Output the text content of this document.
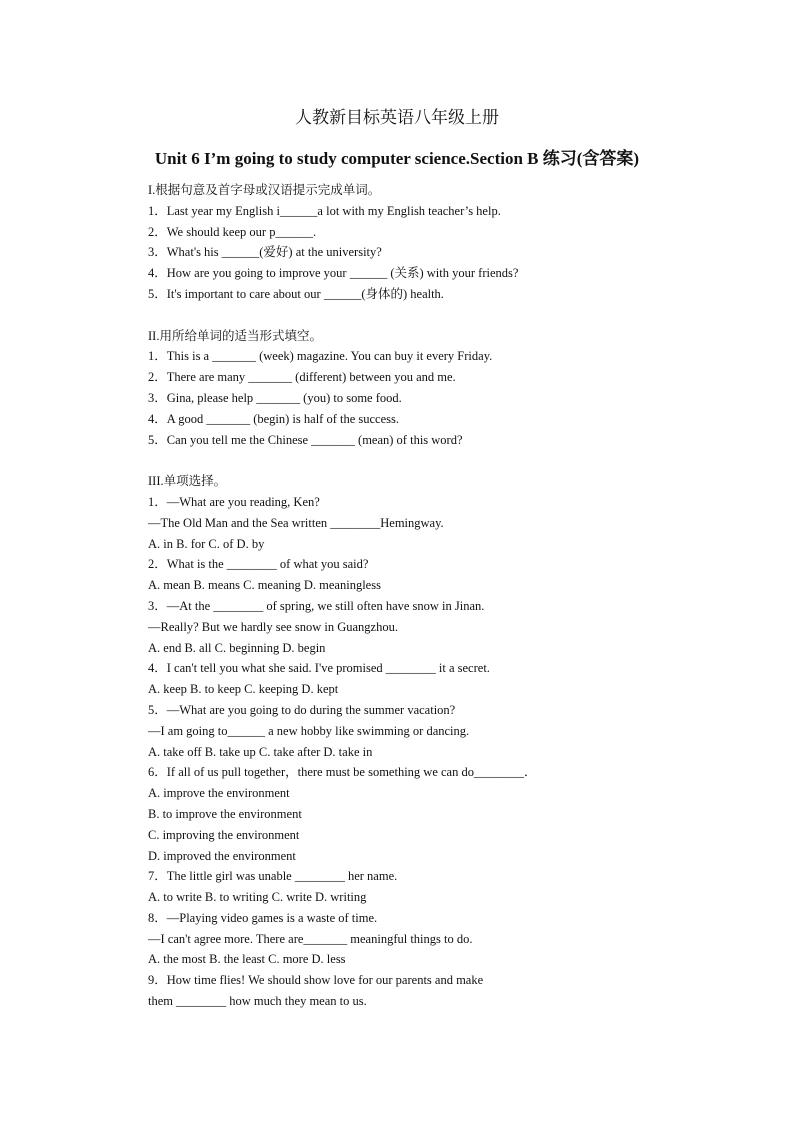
人教新目标英语八年级上册
Unit 6 I’m going to study computer science.Section B 练习(含答案)
I.根据句意及首字母或汉语提示完成单词。
1．Last year my English i______a lot with my English teacher’s help.
2．We should keep our p______.
3．What's his ______(爱好) at the university?
4．How are you going to improve your ______ (关系) with your friends?
5．It's important to care about our ______(身体的) health.
II.用所给单词的适当形式填空。
1．This is a _______ (week) magazine. You can buy it every Friday.
2．There are many _______ (different) between you and me.
3．Gina, please help _______ (you) to some food.
4．A good _______ (begin) is half of the success.
5．Can you tell me the Chinese _______ (mean) of this word?
III.单项选择。
1．—What are you reading, Ken?
—The Old Man and the Sea written ________Hemingway.
A. in B. for C. of D. by
2．What is the ________ of what you said?
A. mean B. means C. meaning D. meaningless
3．—At the ________ of spring, we still often have snow in Jinan.
—Really? But we hardly see snow in Guangzhou.
A. end B. all C. beginning D. begin
4．I can't tell you what she said. I've promised ________ it a secret.
A. keep B. to keep C. keeping D. kept
5．—What are you going to do during the summer vacation?
—I am going to______ a new hobby like swimming or dancing.
A. take off B. take up C. take after D. take in
6．If all of us pull together，there must be something we can do________．
A. improve the environment
B. to improve the environment
C. improving the environment
D. improved the environment
7．The little girl was unable ________ her name.
A. to write B. to writing C. write D. writing
8．—Playing video games is a waste of time.
—I can't agree more. There are_______ meaningful things to do.
A. the most B. the least C. more D. less
9．How time flies! We should show love for our parents and make
them ________ how much they mean to us.
